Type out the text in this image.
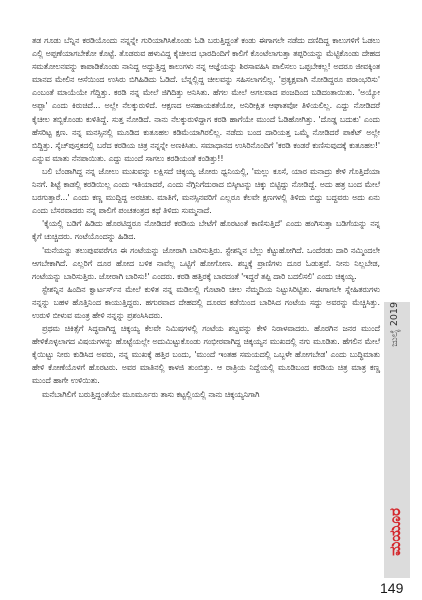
ತಡ ಗೂಡು ಬೆನ್ನಿನ ಕರಡಿಯೊಂದು ನನ್ನನ್ನೇ ಗುರಿಯಾಗಿಸಿಕೊಂಡು ಓಡಿ ಬರುತ್ತಿದ್ದಂತೆ ಕಂಡು ಈಗಾಗಲೇ ನಡೆದು ದಣಿದಿದ್ದ ಕಾಲುಗಳಿಗೆ ಓಡಲು ಎಲ್ಲಿ ಅಪ್ಪಣೆಯಾಗಬೇಕೋ ಕೊಟ್ಟೆ. ತೊಡರುವ ಹಳುವಿದ್ದ ಕೈಚೀಲದ ಭಾರದಿಂದಿಗೆ ಕಾಲಿಗೆ ಕೊಂಟೆಲಾಗುತ್ತಾ ತಪ್ಪರಿಯನ್ನು ಮೆಟ್ಟಿಕೊಂಡು ದೇಹದ ಸಮತೋಲನವನ್ನು ಕಾಪಾಡಿಕೊಂಡು ನಾನಿದ್ದ ಅದ್ದುತ್ತಿದ್ದ ಕಾಲುಗಳು ನನ್ನ ಆಜ್ಞೆಯನ್ನು ಶಿರಸಾವಹಿಸಿ ಪಾಲಿಸಲು ಒಪ್ಪಬೇಕಲ್ಲ! ಅದರೂ ಜೀವಕ್ಕಿಂತ ಮಾನದ ಮೇಲಿನ ಆಸೆಯಿಂದ ಉಸಿರು ಬಿಗಿಹಿಡಿದು ಓಡಿದೆ. ಬೆನ್ನಲ್ಲಿದ್ದ ಚೀಲವನ್ನು ಸಹಿಸಲಾಗಲಿಲ್ಲ. 'ಪ್ರತ್ಯಕ್ಷವಾಗಿ ನೋಡಿದ್ದರೂ ಪರಾಂಭರಿಸು' ಎಂಬಂತೆ ಮಾಯೆಯೇ ಗೆದ್ದಿತ್ತು. ಕರಡಿ ನನ್ನ ಮೇಲೆ ಜಿಗಿದಿತ್ತು ಅನಿಸಿತು. ಹೆಗಲ ಮೇಲೆ ಅಗಲವಾದ ಪಂಜದಿಂದ ಬಡಿದಂತಾಯಿತು. 'ಅಯ್ಯೋ ಅಪ್ಪಾ' ಎಂದು ಕಿರುಚಿದೆ... ಅಲ್ಲೇ ನೆಲಕ್ಕುರುಳಿದೆ. ಆಕ್ಷಣದ ಅಸಹಾಯಕತೆಯೋ, ಅನಿರೀಕ್ಷಿತ ಆಘಾತವೋ ತಿಳಿಯಲಿಲ್ಲ. ಎದ್ದು ನೋಡಿದರೆ ಕೈಚೀಲ ತಬ್ಬಿಕೊಂಡು ಕುಳಿತಿದ್ದೆ. ಸುತ್ತ ನೋಡಿದೆ. ನಾನು ನೆಲಕ್ಕುರುಳಿದ್ದಾಗ ಕರಡಿ ಹಾಗೆಯೇ ಮುಂದೆ ಓಡಿಹೋಗಿತ್ತು. 'ದೊಡ್ಡ ಬದುಕು' ಎಂದು ಹೆಸರಿಟ್ಟ ಕ್ಷಣ. ನನ್ನ ಮನಸ್ಸಿನಲ್ಲಿ ಮೂಡಿದ ಕುತೂಹಲ ಕಡಿಮೆಯಾಗಿರಲಿಲ್ಲ. ನಡೆದು ಬಂದ ದಾರಿಯತ್ತ ಒಮ್ಮೆ ನೋಡಿದರೆ ಪಾಕೆಟ್ ಅಲ್ಲೇ ಬಿದ್ದಿತ್ತು. ಸ್ಕೆಚ್‌ಪುಸ್ತಕದಲ್ಲಿ ಬರೆದ ಕರಡಿಯ ಚಿತ್ರ ನನ್ನನ್ನೇ ಅಣಕಿಸಿತು. ಸಮಾಧಾನದ ಉಸಿರಿನೊಂದಿಗೆ 'ಕರಡಿ ಕಂಡರೆ ಕುಣಿಸುವುದಕ್ಕೆ ಕುತೂಹಲ!' ಎನ್ನುವ ಮಾತು ನೆನಪಾಯಿತು. ಎದ್ದು ಮುಂದೆ ಸಾಗಲು ಕರಡಿಯಂತೆ ಕಂಡಿತ್ತು!!

ಬಲಿ ಬೆಂಡಾಗಿದ್ದ ನನ್ನ ಜೋಲು ಮುಖವನ್ನು ಲಕ್ಷಿಸದೆ ಚಿಕ್ಕಯ್ಯ ಜೋರು ಧ್ವನಿಯಲ್ಲಿ, 'ಮಲ್ಲು ಕೂಸೆ, ಯಾರ ಮನಾದ್ರು ಕೇಳಿ ಗೊತ್ತಿದೆಯಾ ನಿನಗೆ. ಶಿಟ್ಟೆ ಕಾಡಲ್ಲಿ ಕರಡಿಯಿಲ್ಲ ಎಂದು ಇತಿಯಾದರೆ, ಎಂದು ನೆಗ್ಗಿನಿಗೆದುರಾದ ಬಿಸ್ಕೀಟನ್ನು ಚಿಕ್ಕು ಬಿಟ್ಟಿದ್ದು ನೋಡಿದ್ದೆ. ಅದು ಹತ್ರ ಬಂದ ಮೇಲೆ ಬರಗುತ್ತಾರೆ...' ಎಂದು ಕಣ್ಣ ಮುದ್ದಿದ್ದ ಅರಚಿತು. ಮಾತಿಗೆ, ಮನಸ್ಸಿನವರಿಗೆ ಎಲ್ಲರೂ ಕೆಲವೇ ಕ್ಷಣಗಳಲ್ಲಿ ತಿಳಿದು ಬಿದ್ದು ಬದ್ದವರು ಅದು ಏನು ಎಂದು ಬೆಸರವಾದರು ನನ್ನ ಪಾಲಿಗೆ ಪಂಚತಂತ್ರದ ಕಥೆ ತಿಳಿದು ಸುಮ್ಮನಾದೆ.

'ಕೈಯಲ್ಲಿ ಬಡಿಗೆ ಹಿಡಿದು ಹೊರಟಿದ್ದರೂ ನೋಡಿದರೆ ಕರಡಿಯ ಬೇಟೆಗೆ ಹೊರಟಂತೆ ಕಾಣಿಸುತ್ತಿದೆ' ಎಂದು ಹಂಗಿಸುತ್ತಾ ಬಡಿಗೆಯನ್ನು ನನ್ನ ಕೈಗೆ ಚುಚ್ಚಿದರು. ಗಂಟೆಯೊಂದನ್ನು ಹಿಡಿದ.

'ಮನೆಯನ್ನು ತಲುಪುವವರೆಗೂ ಈ ಗಂಟೆಯನ್ನು ಜೋರಾಗಿ ಬಾರಿಸುತ್ತಿರು. ಸ್ಟೇಶನ್ನಿನ ಬೆಲ್ಲು ಕೆಟ್ಟುಹೋಗಿದೆ. ಒಂದೆರಡು ದಾರಿ ನಮ್ಮಿಂದಲೇ ಆಗಬೇಕಾಗಿದೆ. ಎಲ್ಲರಿಗೆ ದೂರ ಹೋದ ಬಳಿಕ ನಾವೆಲ್ಲ ಒಟ್ಟಿಗೆ ಹೋಗೋಣ. ಶಬ್ದಕ್ಕೆ ಪ್ರಾಣಿಗಳು ದೂರ ಓಡುತ್ತವೆ. ನೀನು ನಿಲ್ಲಬೇಡ, ಗಂಟೆಯನ್ನು ಬಾರಿಸುತ್ತಿರು. ಜೋರಾಗಿ ಬಾರಿಸು!' ಎಂದರು. ಕರಡಿ ಹತ್ತಿರಕ್ಕೆ ಬಾರದಂತೆ 'ಇದ್ದರೆ ತಪ್ಪಿ ದಾರಿ ಬದಲಿಸಲಿ' ಎಂದು ಚಿಕ್ಕಯ್ಯ.

ಸ್ಟೇಶನ್ನಿನ ಹಿಂದಿನ ಕ್ವಾರ್ಟರ್ಸ್‌ನ ಮೇಲೆ ಕುಳಿತ ನನ್ನ ಮಡಿಲಲ್ಲಿ ಗೊಟಾರಿ ಚೀಲ ನೆಮ್ಮದಿಯ ನಿಟ್ಟುಸಿರಿಟ್ಟಿತು. ಈಗಾಗಲೇ ಸ್ನೇಹಿತರುಗಳು ನನ್ನನ್ನು ಬಹಳ ಹೊತ್ತಿನಿಂದ ಕಾಯುತ್ತಿದ್ದರು. ಹಗುರವಾದ ದೇಹದಲ್ಲಿ ದೂರದ ಕಡೆಯಿಂದ ಬಾರಿಸಿದ ಗಂಟೆಯ ಸದ್ದು ಅವರನ್ನು ಮೆಚ್ಚಿಸಿತ್ತು. ಉರುಳಿ ಬೀಳುವ ಮಂತ್ರ ಹೇಳಿ ನನ್ನನ್ನು ಪ್ರಶಂಸಿಸಿದರು.

ಪ್ರಥಮ ಚಿಕಿತ್ಸೆಗೆ ಸಿದ್ಧವಾಗಿದ್ದ ಚಿಕ್ಕಯ್ಯ ಕೆಲವೇ ನಿಮಿಷಗಳಲ್ಲಿ ಗಂಟೆಯ ಶಬ್ದವನ್ನು ಕೇಳಿ ನಿರಾಳವಾದರು. ಹೊರಗಿನ ಜನರ ಮುಂದೆ ಹೇಳಿಕೊಳ್ಳಲಾಗದ ವಿಷಯಗಳನ್ನು ಹೊಟ್ಟೆಯಲ್ಲೇ ಅದುಮಿಟ್ಟುಕೊಂಡು ಗಂಭೀರವಾಗಿದ್ದ ಚಿಕ್ಕಯ್ಯನ ಮುಖದಲ್ಲಿ ನಗು ಮೂಡಿತು. ಹೆಗಲಿನ ಮೇಲೆ ಕೈಯಿಟ್ಟು ನೀರು ಕುಡಿಸಿದ ಅವರು, ನನ್ನ ಮುಖಕ್ಕೆ ಹತ್ತಿರ ಬಂದು, 'ಮುಂದೆ ಇಂತಹ ಸಮಯದಲ್ಲಿ ಒಬ್ಬಳೇ ಹೋಗಬೇಡ' ಎಂದು ಬುದ್ಧಿಮಾತು ಹೇಳಿ ಕೋಣೆಯೊಳಗೆ ಹೊರಟರು. ಅವರ ಮಾತಿನಲ್ಲಿ ಕಾಳಜಿ ತುಂಬಿತ್ತು. ಆ ರಾತ್ರಿಯ ನಿದ್ದೆಯಲ್ಲಿ ಮೂಡಿಬಂದ ಕರಡಿಯ ಚಿತ್ರ ಮಾತ್ರ ಕಣ್ಣ ಮುಂದೆ ಹಾಗೇ ಉಳಿಯಿತು.

ಮನೆಬಾಗಿಲಿಗೆ ಬರುತ್ತಿದ್ದಂತೆಯೇ ಮೂರ್ಮೂರು ತಾಸು ಕಟ್ಟಲ್ಲಿಯಲ್ಲಿ ನಾನು ಚಿಕ್ಕಯ್ಯನಿಗಾಗಿ

ಜುಲೈ 2019
ಮಯೂರ
149
